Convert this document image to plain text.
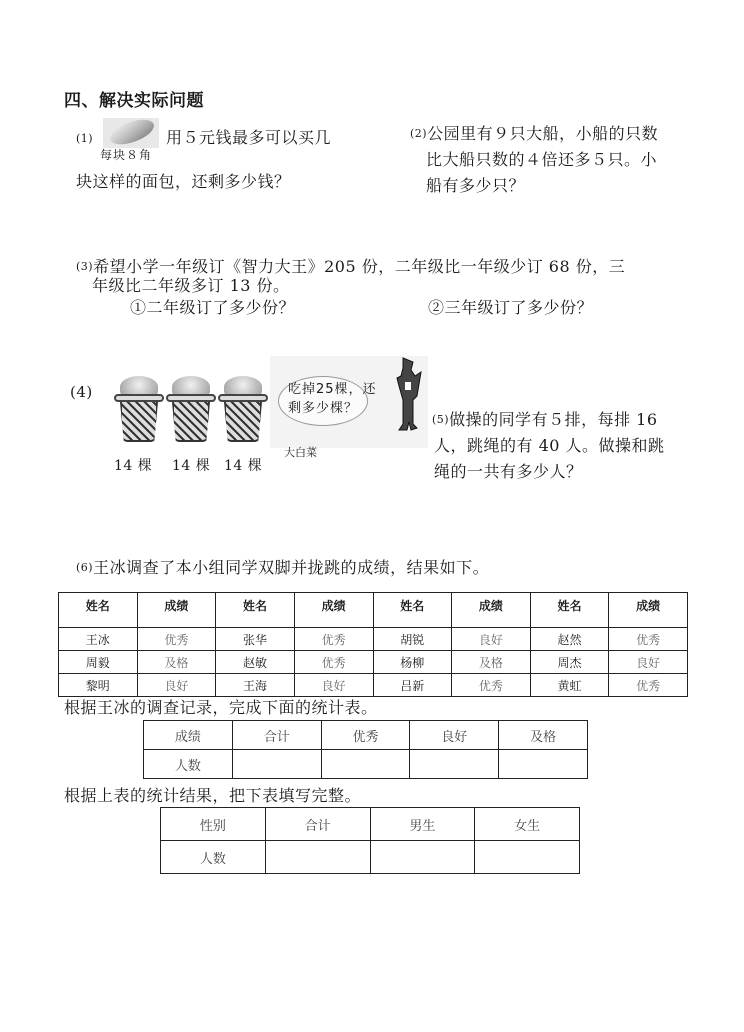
四、解决实际问题
(1)
每块８角
用５元钱最多可以买几
块这样的面包，还剩多少钱？
(2)公园里有９只大船，小船的只数
比大船只数的４倍还多５只。小
船有多少只？
(3)希望小学一年级订《智力大王》205 份，二年级比一年级少订 68 份，三
年级比二年级多订 13 份。
①二年级订了多少份？	②三年级订了多少份？
(4)
14 棵 14 棵 14 棵
吃掉25棵，还
剩多少棵？
大白菜
(5)做操的同学有５排，每排 16
人，跳绳的有 40 人。做操和跳
绳的一共有多少人？
(6)王冰调查了本小组同学双脚并拢跳的成绩，结果如下。
姓名	成绩	姓名	成绩	姓名	成绩	姓名	成绩
王冰	优秀	张华	优秀	胡锐	良好	赵然	优秀
周毅	及格	赵敏	优秀	杨柳	及格	周杰	良好
黎明	良好	王海	良好	吕新	优秀	黄虹	优秀
根据王冰的调查记录，完成下面的统计表。
成绩	合计	优秀	良好	及格
人数				
根据上表的统计结果，把下表填写完整。
性别	合计	男生	女生
人数			
